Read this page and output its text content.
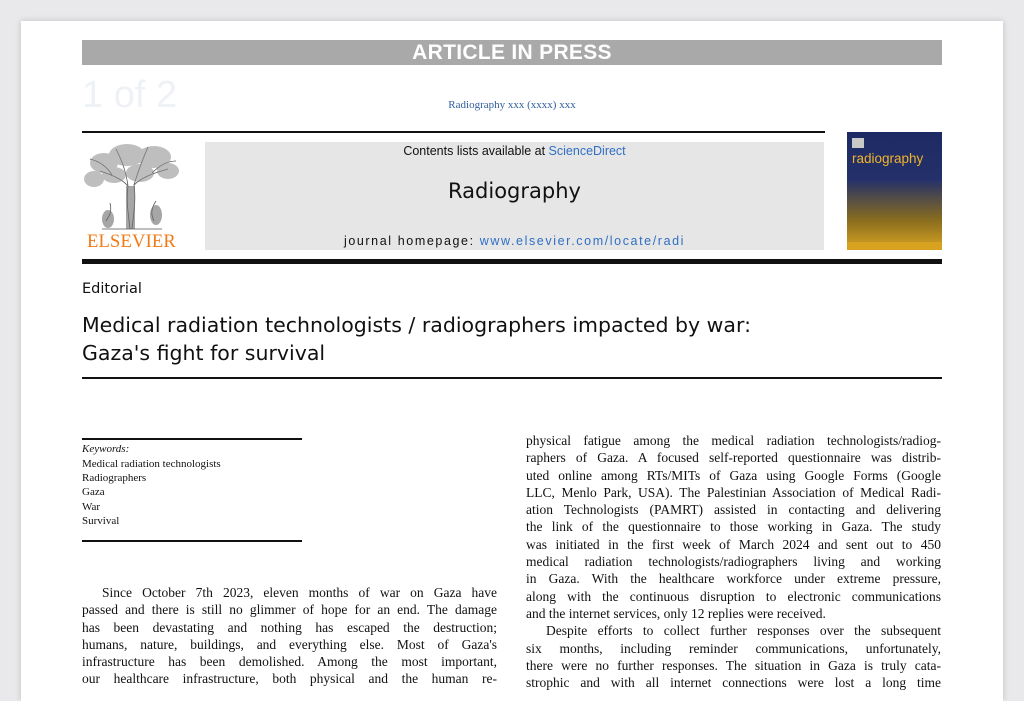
ARTICLE IN PRESS
1 of 2	Radiography xxx (xxxx) xxx
ELSEVIER
Contents lists available at ScienceDirect
Radiography
journal homepage: www.elsevier.com/locate/radi
radiography
Editorial
Medical radiation technologists / radiographers impacted by war:
Gaza's fight for survival
Keywords:
Medical radiation technologists
Radiographers
Gaza
War
Survival

Since October 7th 2023, eleven months of war on Gaza have
passed and there is still no glimmer of hope for an end. The damage
has been devastating and nothing has escaped the destruction;
humans, nature, buildings, and everything else. Most of Gaza's
infrastructure has been demolished. Among the most important,
our healthcare infrastructure, both physical and the human re-

physical fatigue among the medical radiation technologists/radiog-
raphers of Gaza. A focused self-reported questionnaire was distrib-
uted online among RTs/MITs of Gaza using Google Forms (Google
LLC, Menlo Park, USA). The Palestinian Association of Medical Radi-
ation Technologists (PAMRT) assisted in contacting and delivering
the link of the questionnaire to those working in Gaza. The study
was initiated in the first week of March 2024 and sent out to 450
medical radiation technologists/radiographers living and working
in Gaza. With the healthcare workforce under extreme pressure,
along with the continuous disruption to electronic communications
and the internet services, only 12 replies were received.

Despite efforts to collect further responses over the subsequent
six months, including reminder communications, unfortunately,
there were no further responses. The situation in Gaza is truly cata-
strophic and with all internet connections were lost a long time
